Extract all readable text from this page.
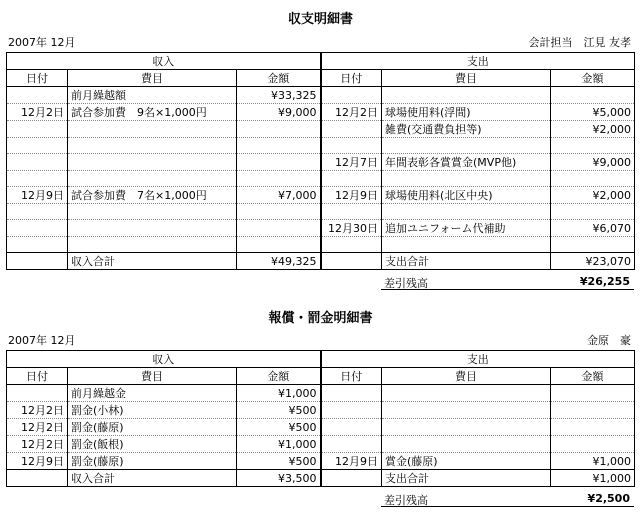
収支明細書
2007年 12月	会計担当　江見 友孝
収入			支出		
日付	費目	金額	日付	費目	金額
	前月繰越額	¥33,325			
12月2日	試合参加費　9名×1,000円	¥9,000	12月2日	球場使用料(浮間)	¥5,000
				雑費(交通費負担等)	¥2,000

			12月7日	年間表彰各賞賞金(MVP他)	¥9,000

12月9日	試合参加費　7名×1,000円	¥7,000	12月9日	球場使用料(北区中央)	¥2,000

			12月30日	追加ユニフォーム代補助	¥6,070

	収入合計	¥49,325		支出合計	¥23,070
差引残高	¥26,255
報償・罰金明細書
2007年 12月	金原　豪
収入			支出		
日付	費目	金額	日付	費目	金額
	前月繰越金	¥1,000			
12月2日	罰金(小林)	¥500			
12月2日	罰金(藤原)	¥500			
12月2日	罰金(飯根)	¥1,000			
12月9日	罰金(藤原)	¥500	12月9日	賞金(藤原)	¥1,000
	収入合計	¥3,500		支出合計	¥1,000
差引残高	¥2,500
